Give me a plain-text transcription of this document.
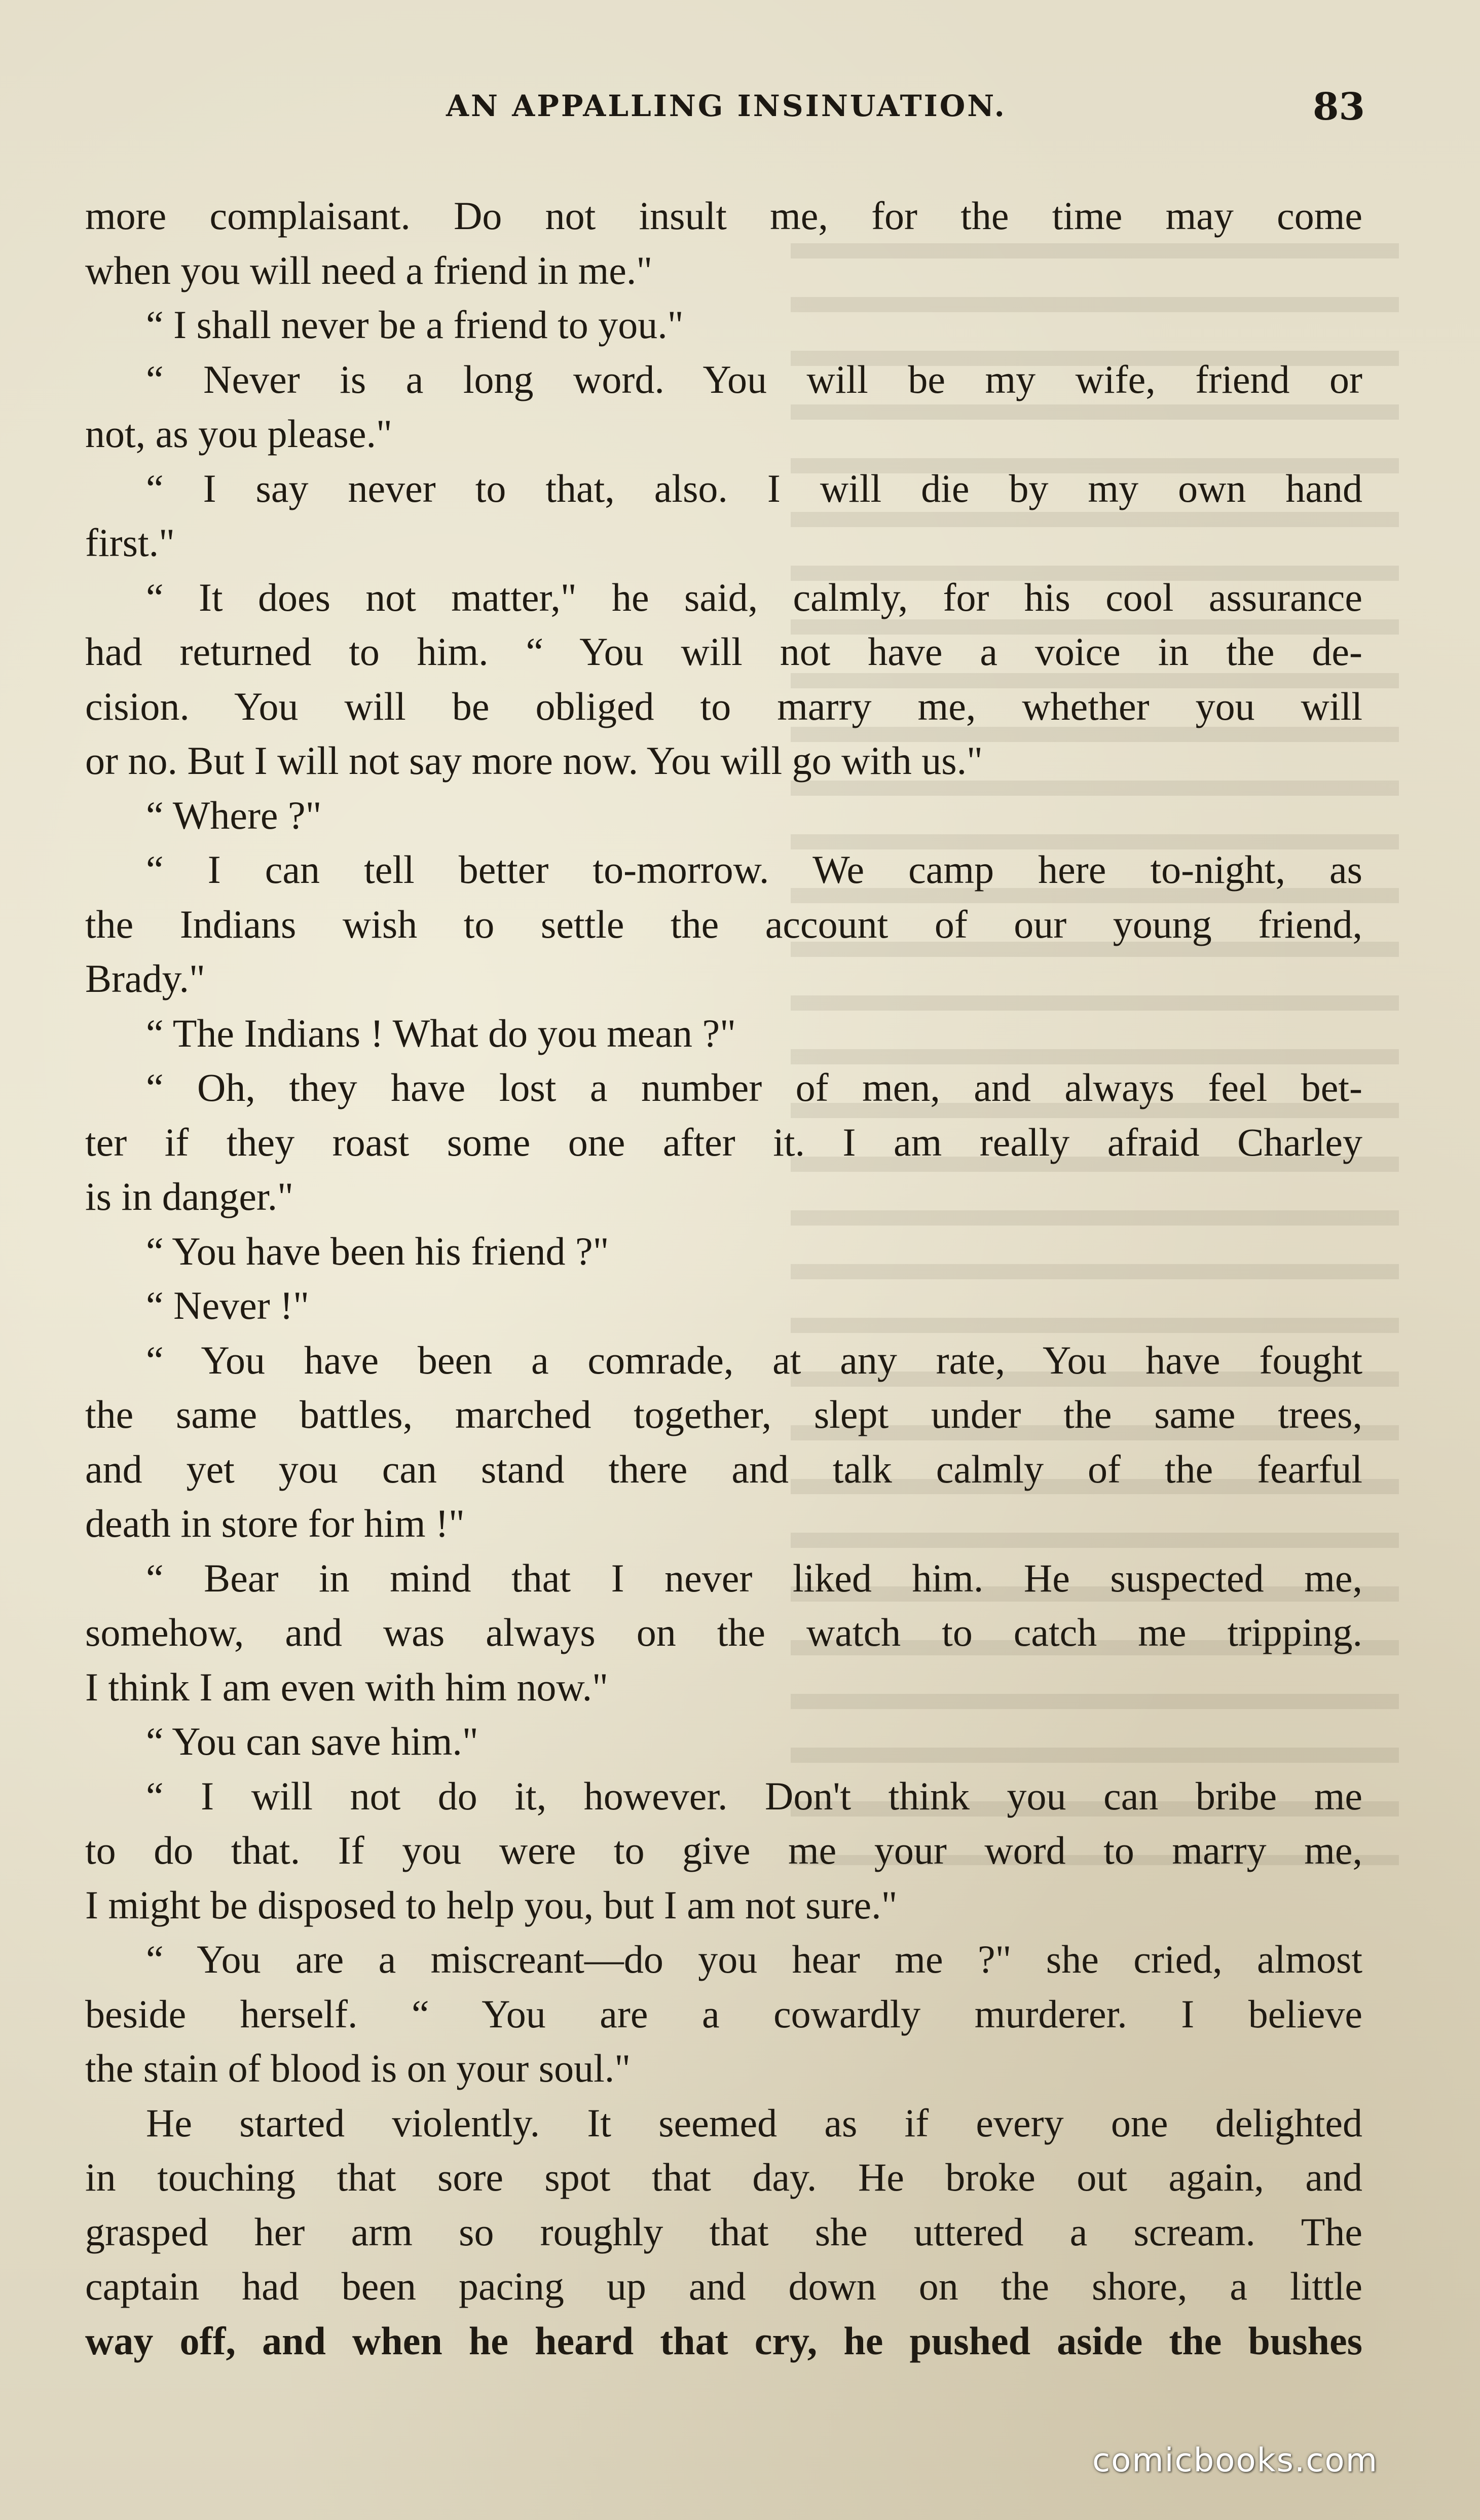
AN APPALLING INSINUATION.	83
more complaisant. Do not insult me, for the time may come
when you will need a friend in me."
“ I shall never be a friend to you."
“ Never is a long word. You will be my wife, friend or
not, as you please."
“ I say never to that, also. I will die by my own hand
first."
“ It does not matter," he said, calmly, for his cool assurance
had returned to him. “ You will not have a voice in the de-
cision. You will be obliged to marry me, whether you will
or no. But I will not say more now. You will go with us."
“ Where ?"
“ I can tell better to-morrow. We camp here to-night, as
the Indians wish to settle the account of our young friend,
Brady."
“ The Indians ! What do you mean ?"
“ Oh, they have lost a number of men, and always feel bet-
ter if they roast some one after it. I am really afraid Charley
is in danger."
“ You have been his friend ?"
“ Never !"
“ You have been a comrade, at any rate, You have fought
the same battles, marched together, slept under the same trees,
and yet you can stand there and talk calmly of the fearful
death in store for him !"
“ Bear in mind that I never liked him. He suspected me,
somehow, and was always on the watch to catch me tripping.
I think I am even with him now."
“ You can save him."
“ I will not do it, however. Don't think you can bribe me
to do that. If you were to give me your word to marry me,
I might be disposed to help you, but I am not sure."
“ You are a miscreant—do you hear me ?" she cried, almost
beside herself. “ You are a cowardly murderer. I believe
the stain of blood is on your soul."
He started violently. It seemed as if every one delighted
in touching that sore spot that day. He broke out again, and
grasped her arm so roughly that she uttered a scream. The
captain had been pacing up and down on the shore, a little
way off, and when he heard that cry, he pushed aside the bushes
comicbooks.com
